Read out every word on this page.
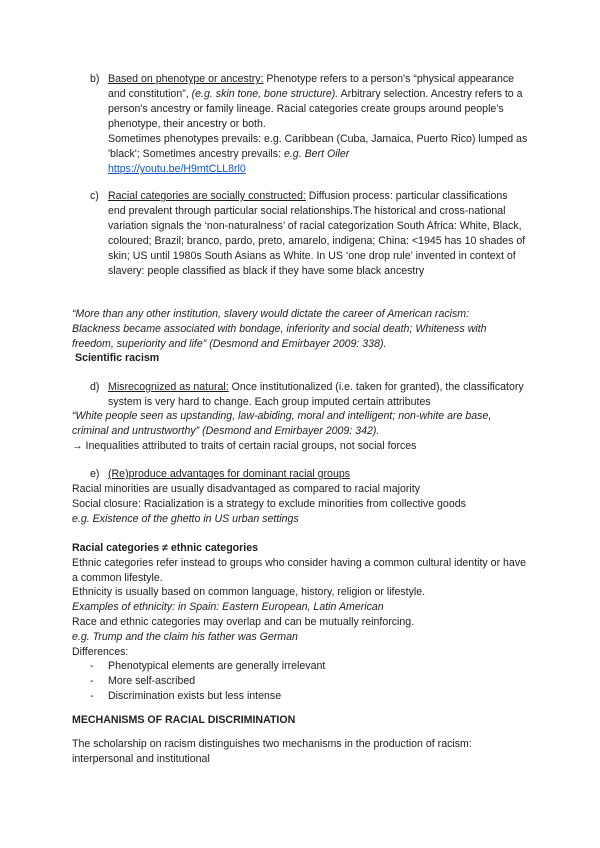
b) Based on phenotype or ancestry: Phenotype refers to a person's “physical appearance and constitution”, (e.g. skin tone, bone structure). Arbitrary selection. Ancestry refers to a person's ancestry or family lineage. Racial categories create groups around people's phenotype, their ancestry or both.
Sometimes phenotypes prevails: e.g. Caribbean (Cuba, Jamaica, Puerto Rico) lumped as 'black'; Sometimes ancestry prevails: e.g. Bert Oiler
https://youtu.be/H9mtCLL8rl0
c) Racial categories are socially constructed: Diffusion process: particular classifications end prevalent through particular social relationships.The historical and cross-national variation signals the ‘non-naturalness’ of racial categorization South Africa: White, Black, coloured; Brazil; branco, pardo, preto, amarelo, indigena; China: <1945 has 10 shades of skin; US until 1980s South Asians as White. In US ‘one drop rule’ invented in context of slavery: people classified as black if they have some black ancestry
“More than any other institution, slavery would dictate the career of American racism: Blackness became associated with bondage, inferiority and social death; Whiteness with freedom, superiority and life” (Desmond and Emirbayer 2009: 338).
Scientific racism
d) Misrecognized as natural: Once institutionalized (i.e. taken for granted), the classificatory system is very hard to change. Each group imputed certain attributes
“White people seen as upstanding, law-abiding, moral and intelligent; non-white are base, criminal and untrustworthy” (Desmond and Emirbayer 2009: 342).
→ Inequalities attributed to traits of certain racial groups, not social forces
e) (Re)produce advantages for dominant racial groups
Racial minorities are usually disadvantaged as compared to racial majority
Social closure: Racialization is a strategy to exclude minorities from collective goods
e.g. Existence of the ghetto in US urban settings
Racial categories ≠ ethnic categories
Ethnic categories refer instead to groups who consider having a common cultural identity or have a common lifestyle.
Ethnicity is usually based on common language, history, religion or lifestyle.
Examples of ethnicity: in Spain: Eastern European, Latin American
Race and ethnic categories may overlap and can be mutually reinforcing.
e.g. Trump and the claim his father was German
Differences:
-	Phenotypical elements are generally irrelevant
-	More self-ascribed
-	Discrimination exists but less intense
MECHANISMS OF RACIAL DISCRIMINATION
The scholarship on racism distinguishes two mechanisms in the production of racism: interpersonal and institutional
